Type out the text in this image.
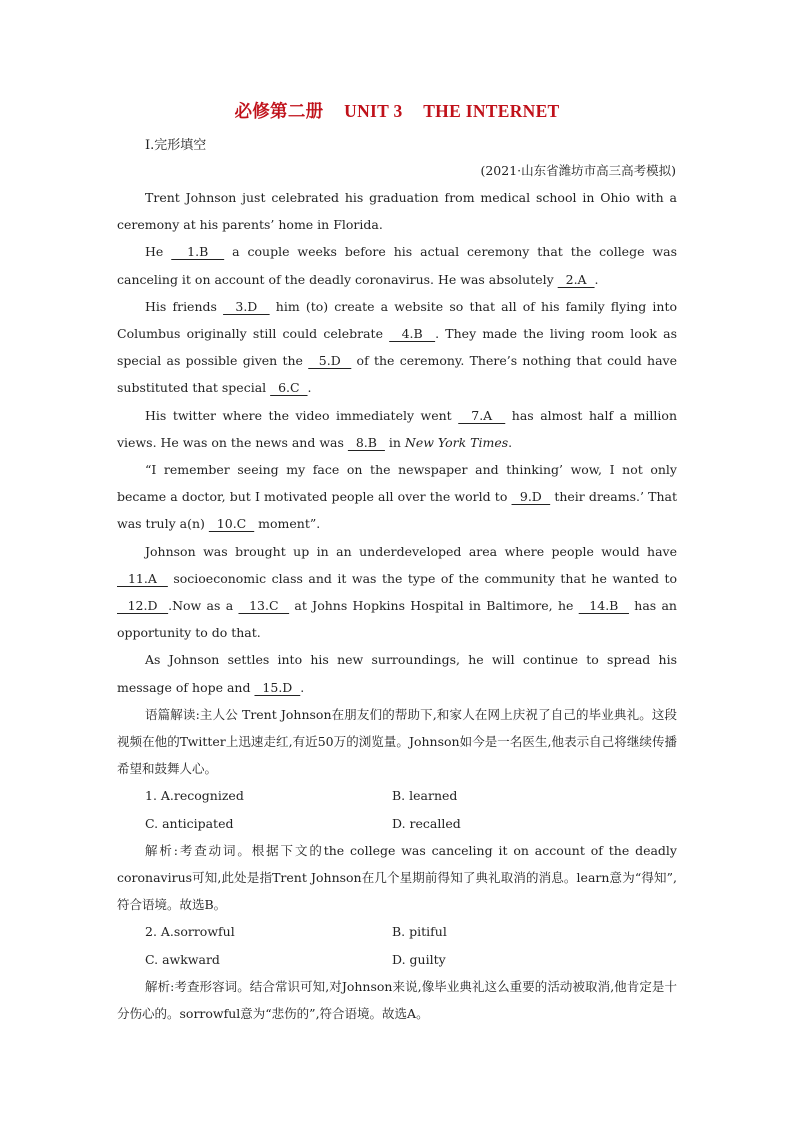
必修第二册 UNIT 3 THE INTERNET
Ⅰ.完形填空
(2021·山东省潍坊市高三高考模拟)

Trent Johnson just celebrated his graduation from medical school in Ohio with a ceremony at his parents’ home in Florida.

He   1.B   a couple weeks before his actual ceremony that the college was canceling it on account of the deadly coronavirus. He was absolutely   2.A  .

His friends   3.D   him (to) create a website so that all of his family flying into Columbus originally still could celebrate   4.B  . They made the living room look as special as possible given the   5.D   of the ceremony. There’s nothing that could have substituted that special   6.C  .

His twitter where the video immediately went   7.A   has almost half a million views. He was on the news and was   8.B   in New York Times.

“I remember seeing my face on the newspaper and thinking’ wow, I not only became a doctor, but I motivated people all over the world to   9.D   their dreams.’ That was truly a(n)   10.C   moment”.

Johnson was brought up in an underdeveloped area where people would have   11.A   socioeconomic class and it was the type of the community that he wanted to   12.D  .Now as a   13.C   at Johns Hopkins Hospital in Baltimore, he   14.B   has an opportunity to do that.

As Johnson settles into his new surroundings, he will continue to spread his message of hope and   15.D  .

语篇解读:主人公 Trent Johnson在朋友们的帮助下,和家人在网上庆祝了自己的毕业典礼。这段视频在他的Twitter上迅速走红,有近50万的浏览量。Johnson如今是一名医生,他表示自己将继续传播希望和鼓舞人心。

1. A.recognized	B. learned
C. anticipated	D. recalled

解析:考查动词。根据下文的the college was canceling it on account of the deadly coronavirus可知,此处是指Trent Johnson在几个星期前得知了典礼取消的消息。learn意为“得知”,符合语境。故选B。

2. A.sorrowful	B. pitiful
C. awkward	D. guilty

解析:考查形容词。结合常识可知,对Johnson来说,像毕业典礼这么重要的活动被取消,他肯定是十分伤心的。sorrowful意为“悲伤的”,符合语境。故选A。
